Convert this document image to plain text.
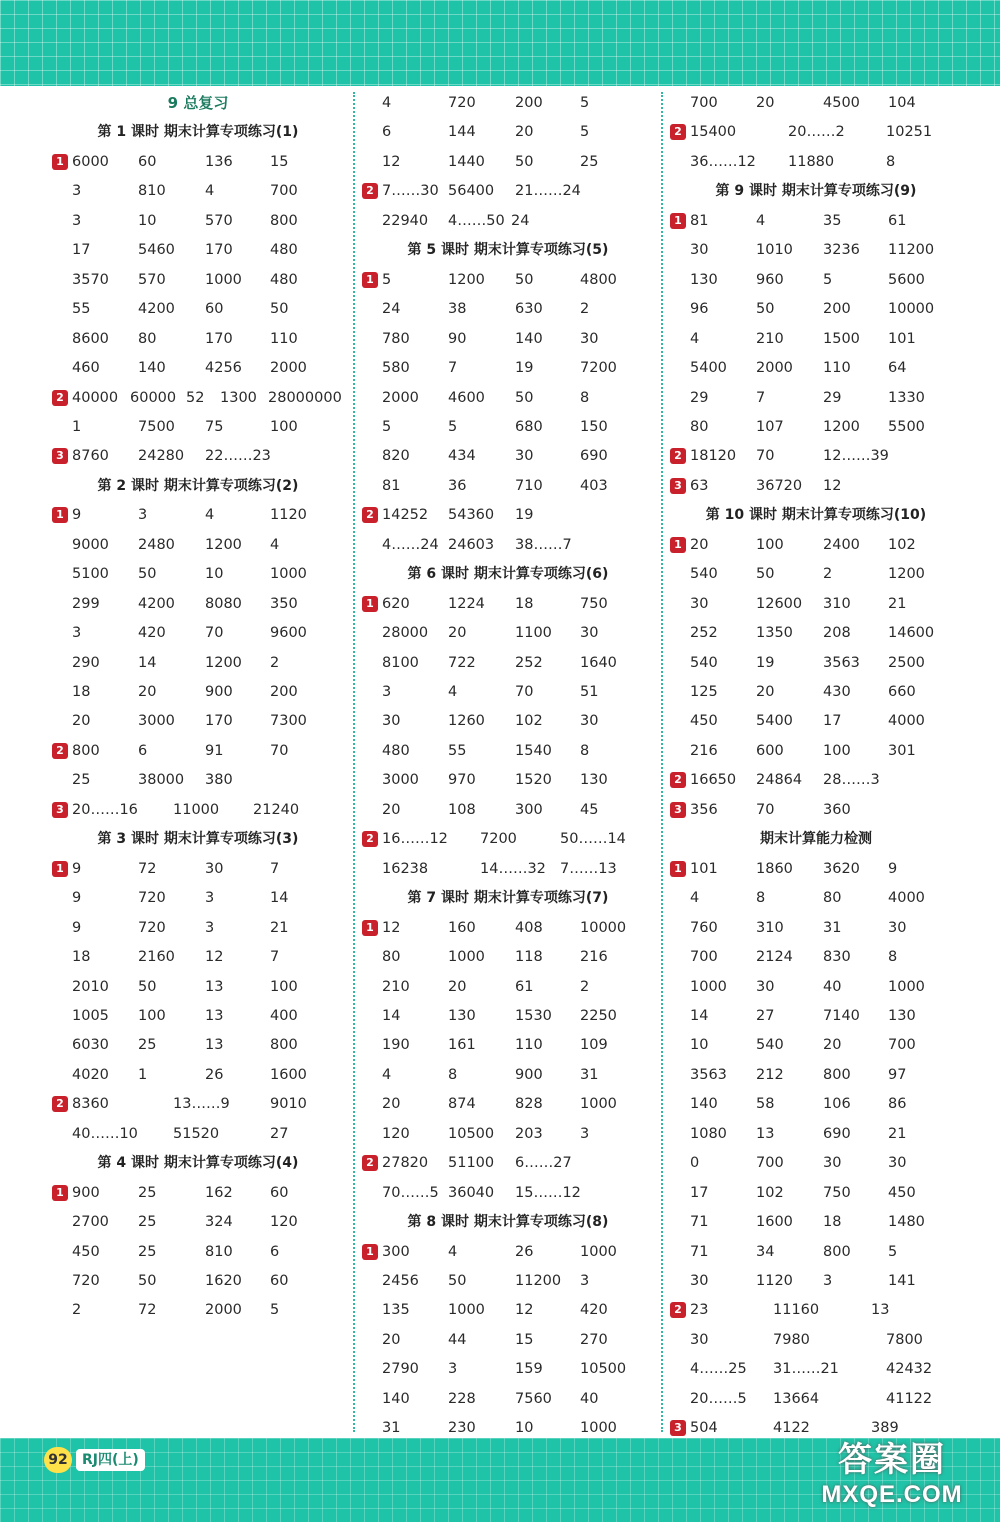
9 总复习
第 1 课时 期末计算专项练习(1)
1 6000 60	136	15
3	810	4	700
3	10	570	800
17	5460 170	480
3570 570	1000 480
55	4200 60	50
8600 80	170	110
460	140	4256 2000
2 40000 60000 52 1300 28000000
1	7500 75	100
3 8760 24280 22……23
第 2 课时 期末计算专项练习(2)
1 9	3	4	1120
9000 2480 1200 4
5100 50	10	1000
299	4200 8080 350
3	420	70	9600
290	14	1200 2
18	20	900	200
20	3000 170	7300
2 800	6	91	70
25	38000 380
3 20……16 11000 21240
第 3 课时 期末计算专项练习(3)
1 9	72	30	7
9	720	3	14
9	720	3	21
18	2160 12	7
2010 50	13	100
1005 100	13	400
6030 25	13	800
4020 1	26	1600
2 8360	13……9	9010
40……10 51520	27
第 4 课时 期末计算专项练习(4)
1 900	25	162	60
2700 25	324	120
450	25	810	6
720	50	1620 60
2	72	2000 5
4	720	200	5
6	144	20	5
12	1440 50	25
2 7……30 56400 21……24
22940 4……50 24
第 5 课时 期末计算专项练习(5)
1 5	1200 50	4800
24	38	630	2
780	90	140	30
580	7	19	7200
2000 4600 50	8
5	5	680	150
820	434	30	690
81	36	710	403
2 14252 54360 19
4……24 24603 38……7
第 6 课时 期末计算专项练习(6)
1 620	1224 18	750
28000 20	1100 30
8100 722	252	1640
3	4	70	51
30	1260 102	30
480	55	1540 8
3000 970	1520 130
20	108	300	45
2 16……12 7200	50……14
16238	14……32 7……13
第 7 课时 期末计算专项练习(7)
1 12	160	408	10000
80	1000 118	216
210	20	61	2
14	130	1530 2250
190	161	110	109
4	8	900	31
20	874	828	1000
120	10500 203	3
2 27820 51100 6……27
70……5 36040 15……12
第 8 课时 期末计算专项练习(8)
1 300	4	26	1000
2456 50	11200 3
135	1000 12	420
20	44	15	270
2790 3	159	10500
140	228	7560 40
31	230	10	1000
700	20	4500 104
2 15400	20……2	10251
36……12 11880	8
第 9 课时 期末计算专项练习(9)
1 81	4	35	61
30	1010 3236 11200
130	960	5	5600
96	50	200	10000
4	210	1500 101
5400 2000 110	64
29	7	29	1330
80	107	1200 5500
2 18120 70	12……39
3 63	36720 12
第 10 课时 期末计算专项练习(10)
1 20	100	2400 102
540	50	2	1200
30	12600 310	21
252	1350 208	14600
540	19	3563 2500
125	20	430	660
450	5400 17	4000
216	600	100	301
2 16650 24864 28……3
3 356	70	360
期末计算能力检测
1 101	1860 3620 9
4	8	80	4000
760	310	31	30
700	2124 830	8
1000 30	40	1000
14	27	7140 130
10	540	20	700
3563 212	800	97
140	58	106	86
1080 13	690	21
0	700	30	30
17	102	750	450
71	1600 18	1480
71	34	800	5
30	1120 3	141
2 23	11160	13
30	7980	7800
4……25 31……21	42432
20……5 13664	41122
3 504	4122	389
92	RJ四(上)	答案圈
MXQE.COM
